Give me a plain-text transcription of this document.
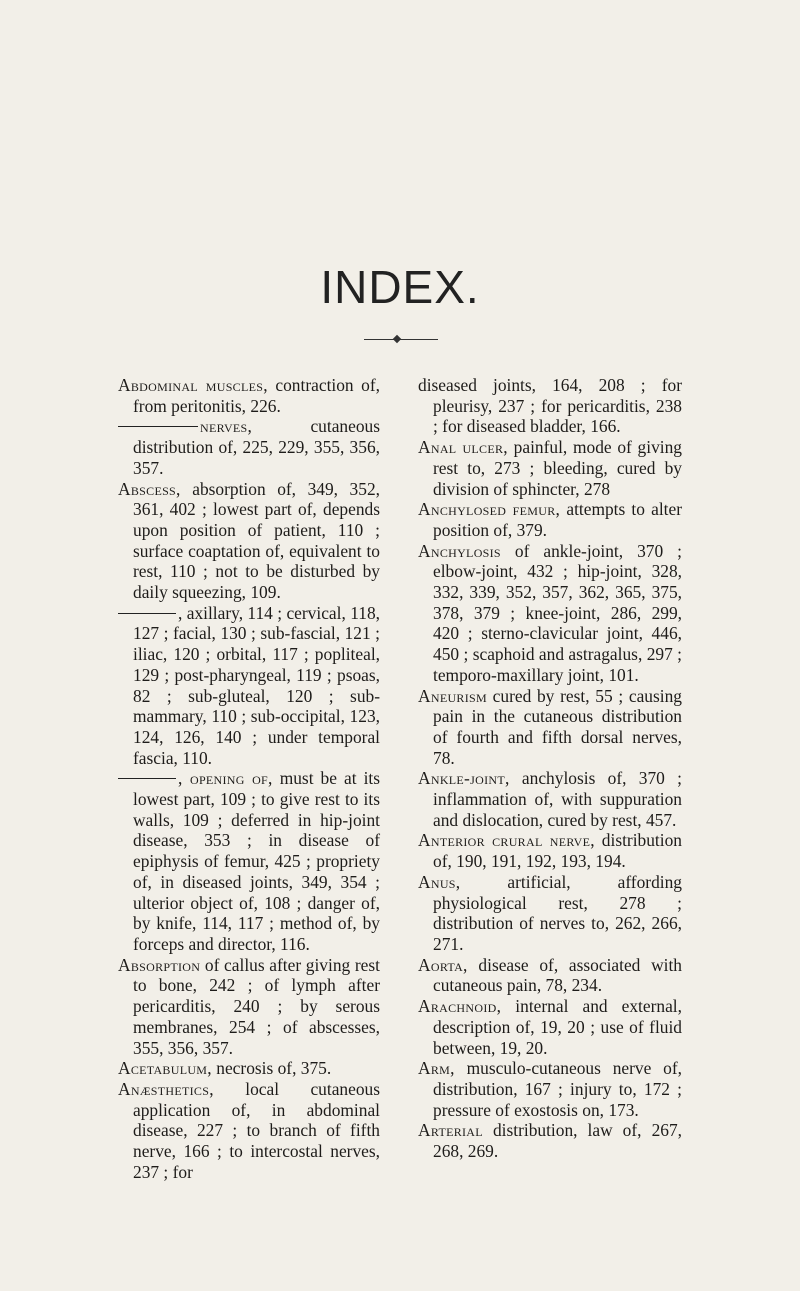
INDEX.

Abdominal muscles, contraction of, from peritonitis, 226.

nerves, cutaneous distribution of, 225, 229, 355, 356, 357.

Abscess, absorption of, 349, 352, 361, 402 ; lowest part of, depends upon position of patient, 110 ; surface coaptation of, equivalent to rest, 110 ; not to be disturbed by daily squeezing, 109.

, axillary, 114 ; cervical, 118, 127 ; facial, 130 ; sub-fascial, 121 ; iliac, 120 ; orbital, 117 ; popliteal, 129 ; post-pharyngeal, 119 ; psoas, 82 ; sub-gluteal, 120 ; sub-mammary, 110 ; sub-occipital, 123, 124, 126, 140 ; under temporal fascia, 110.

, opening of, must be at its lowest part, 109 ; to give rest to its walls, 109 ; deferred in hip-joint disease, 353 ; in disease of epiphysis of femur, 425 ; propriety of, in diseased joints, 349, 354 ; ulterior object of, 108 ; danger of, by knife, 114, 117 ; method of, by forceps and director, 116.

Absorption of callus after giving rest to bone, 242 ; of lymph after pericarditis, 240 ; by serous membranes, 254 ; of abscesses, 355, 356, 357.

Acetabulum, necrosis of, 375.

Anæsthetics, local cutaneous application of, in abdominal disease, 227 ; to branch of fifth nerve, 166 ; to intercostal nerves, 237 ; for

diseased joints, 164, 208 ; for pleurisy, 237 ; for pericarditis, 238 ; for diseased bladder, 166.

Anal ulcer, painful, mode of giving rest to, 273 ; bleeding, cured by division of sphincter, 278

Anchylosed femur, attempts to alter position of, 379.

Anchylosis of ankle-joint, 370 ; elbow-joint, 432 ; hip-joint, 328, 332, 339, 352, 357, 362, 365, 375, 378, 379 ; knee-joint, 286, 299, 420 ; sterno-clavicular joint, 446, 450 ; scaphoid and astragalus, 297 ; temporo-maxillary joint, 101.

Aneurism cured by rest, 55 ; causing pain in the cutaneous distribution of fourth and fifth dorsal nerves, 78.

Ankle-joint, anchylosis of, 370 ; inflammation of, with suppuration and dislocation, cured by rest, 457.

Anterior crural nerve, distribution of, 190, 191, 192, 193, 194.

Anus, artificial, affording physiological rest, 278 ; distribution of nerves to, 262, 266, 271.

Aorta, disease of, associated with cutaneous pain, 78, 234.

Arachnoid, internal and external, description of, 19, 20 ; use of fluid between, 19, 20.

Arm, musculo-cutaneous nerve of, distribution, 167 ; injury to, 172 ; pressure of exostosis on, 173.

Arterial distribution, law of, 267, 268, 269.
